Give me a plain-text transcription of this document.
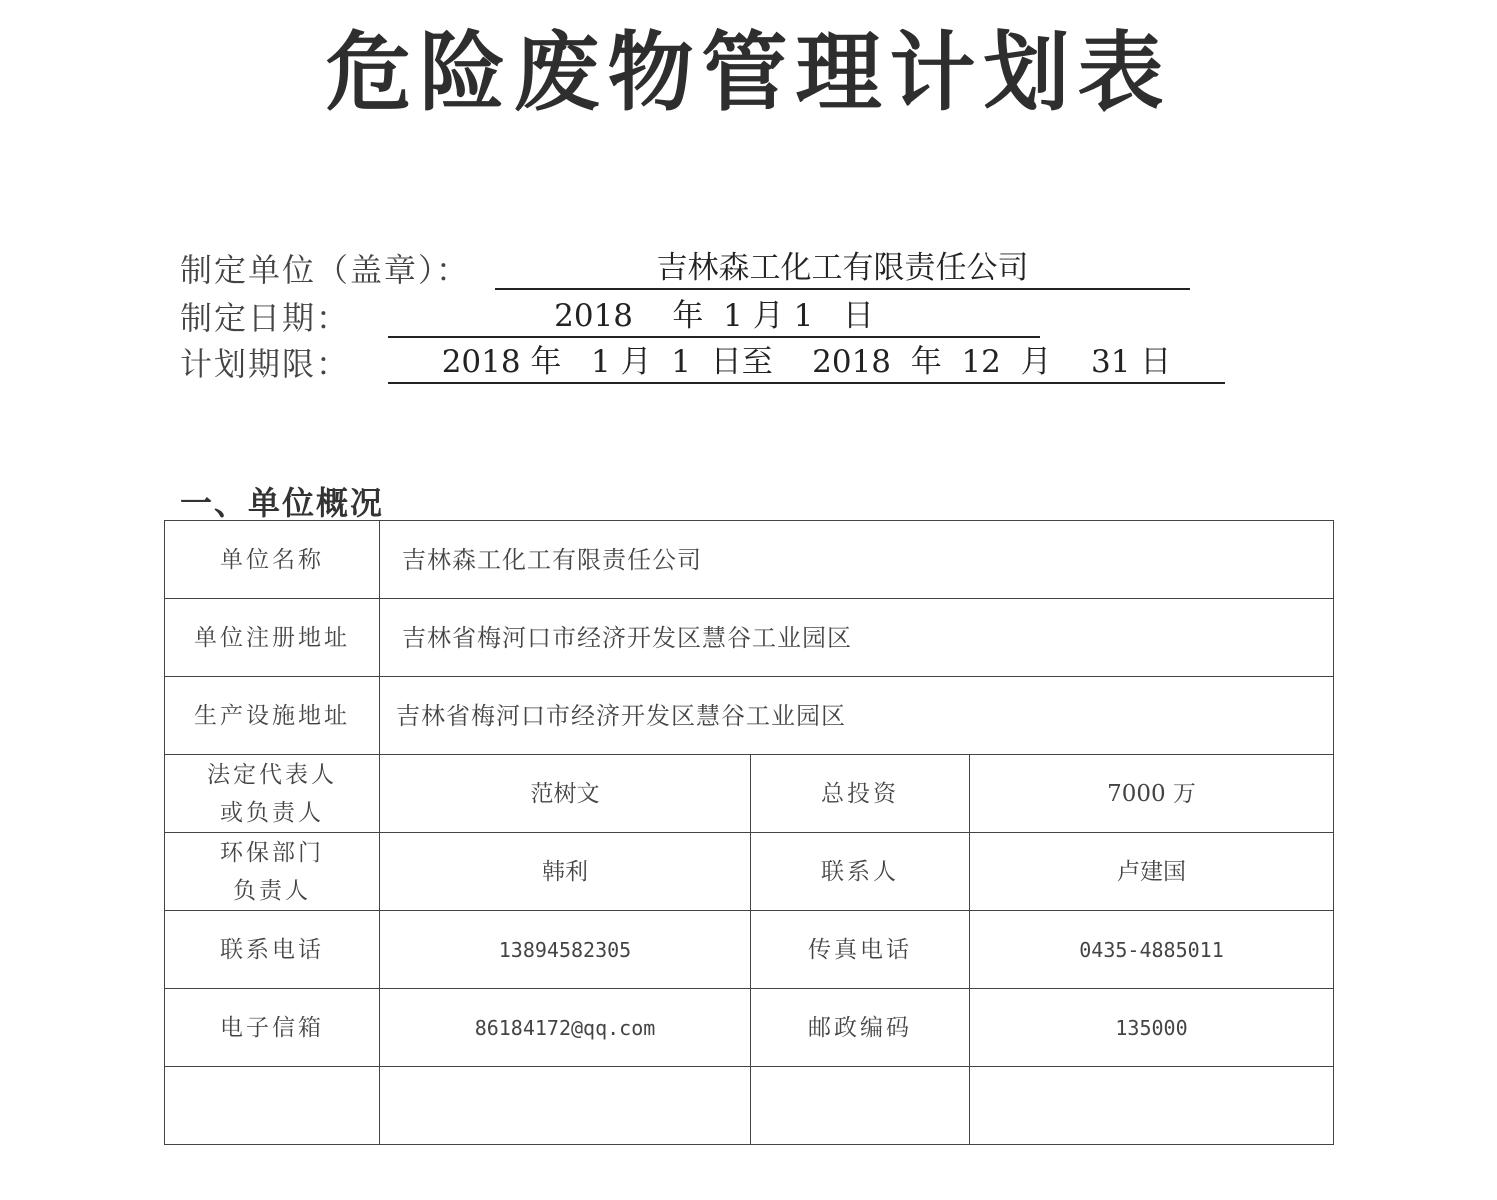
危险废物管理计划表
制定单位（盖章）：	吉林森工化工有限责任公司
制定日期：	2018    年  1 月 1   日
计划期限：	2018 年   1 月  1  日至    2018  年  12  月    31 日
一、单位概况
单位名称	吉林森工化工有限责任公司		
单位注册地址	吉林省梅河口市经济开发区慧谷工业园区		
生产设施地址	吉林省梅河口市经济开发区慧谷工业园区		

法定代表人
或负责人	范树文	总投资	7000 万

环保部门
负责人	韩利	联系人	卢建国
联系电话	13894582305	传真电话	0435-4885011
电子信箱	86184172@qq.com	邮政编码	135000
